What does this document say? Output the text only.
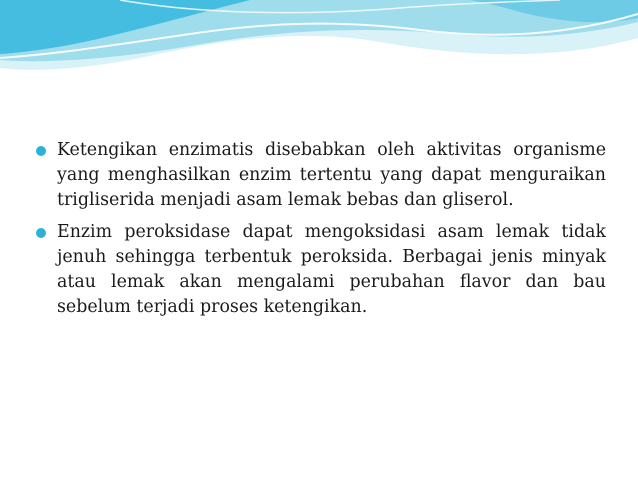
Ketengikan enzimatis disebabkan oleh aktivitas organisme yang menghasilkan enzim tertentu yang dapat menguraikan trigliserida menjadi asam lemak bebas dan gliserol.
Enzim peroksidase dapat mengoksidasi asam lemak tidak jenuh sehingga terbentuk peroksida. Berbagai jenis minyak atau lemak akan mengalami perubahan flavor dan bau sebelum terjadi proses ketengikan.
